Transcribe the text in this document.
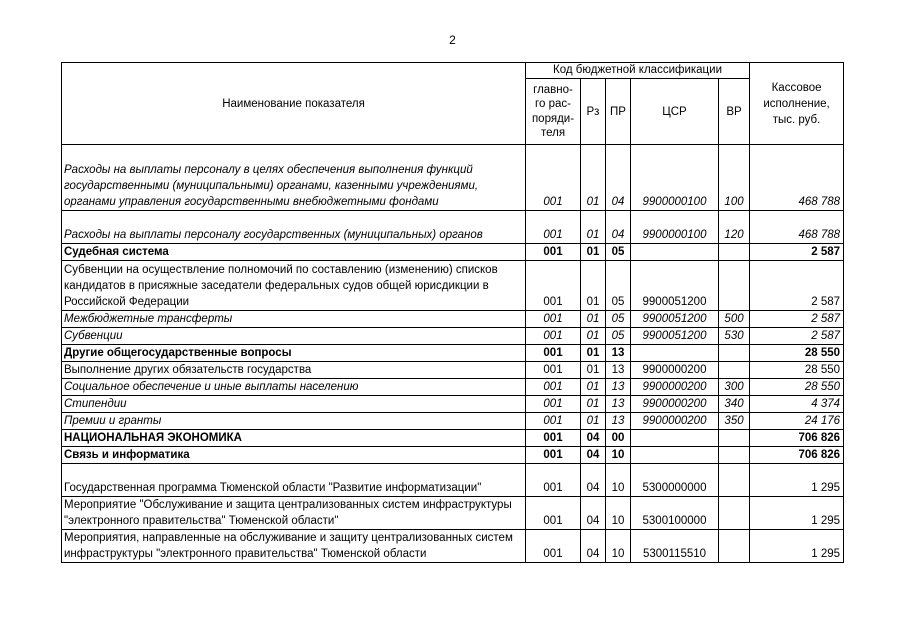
2
Наименование показателя	Код бюджетной классификации					Кассовое
исполнение,
тыс. руб.
	главно-
го рас-
поряди-
теля	Рз	ПР	ЦСР	ВР	
Расходы на выплаты персоналу в целях обеспечения выполнения функций государственными (муниципальными) органами, казенными учреждениями, органами управления государственными внебюджетными фондами	001	01	04	9900000100	100	468 788
Расходы на выплаты персоналу государственных (муниципальных) органов	001	01	04	9900000100	120	468 788
Судебная система	001	01	05			2 587
Субвенции на осуществление полномочий по составлению (изменению) списков кандидатов в присяжные заседатели федеральных судов общей юрисдикции в Российской Федерации	001	01	05	9900051200		2 587
Межбюджетные трансферты	001	01	05	9900051200	500	2 587
Субвенции	001	01	05	9900051200	530	2 587
Другие общегосударственные вопросы	001	01	13			28 550
Выполнение других обязательств государства	001	01	13	9900000200		28 550
Социальное обеспечение и иные выплаты населению	001	01	13	9900000200	300	28 550
Стипендии	001	01	13	9900000200	340	4 374
Премии и гранты	001	01	13	9900000200	350	24 176
НАЦИОНАЛЬНАЯ ЭКОНОМИКА	001	04	00			706 826
Связь и информатика	001	04	10			706 826
Государственная программа Тюменской области "Развитие информатизации"	001	04	10	5300000000		1 295
Мероприятие "Обслуживание и защита централизованных систем инфраструктуры "электронного правительства" Тюменской области"	001	04	10	5300100000		1 295
Мероприятия, направленные на обслуживание и защиту централизованных систем инфраструктуры "электронного правительства" Тюменской области	001	04	10	5300115510		1 295
